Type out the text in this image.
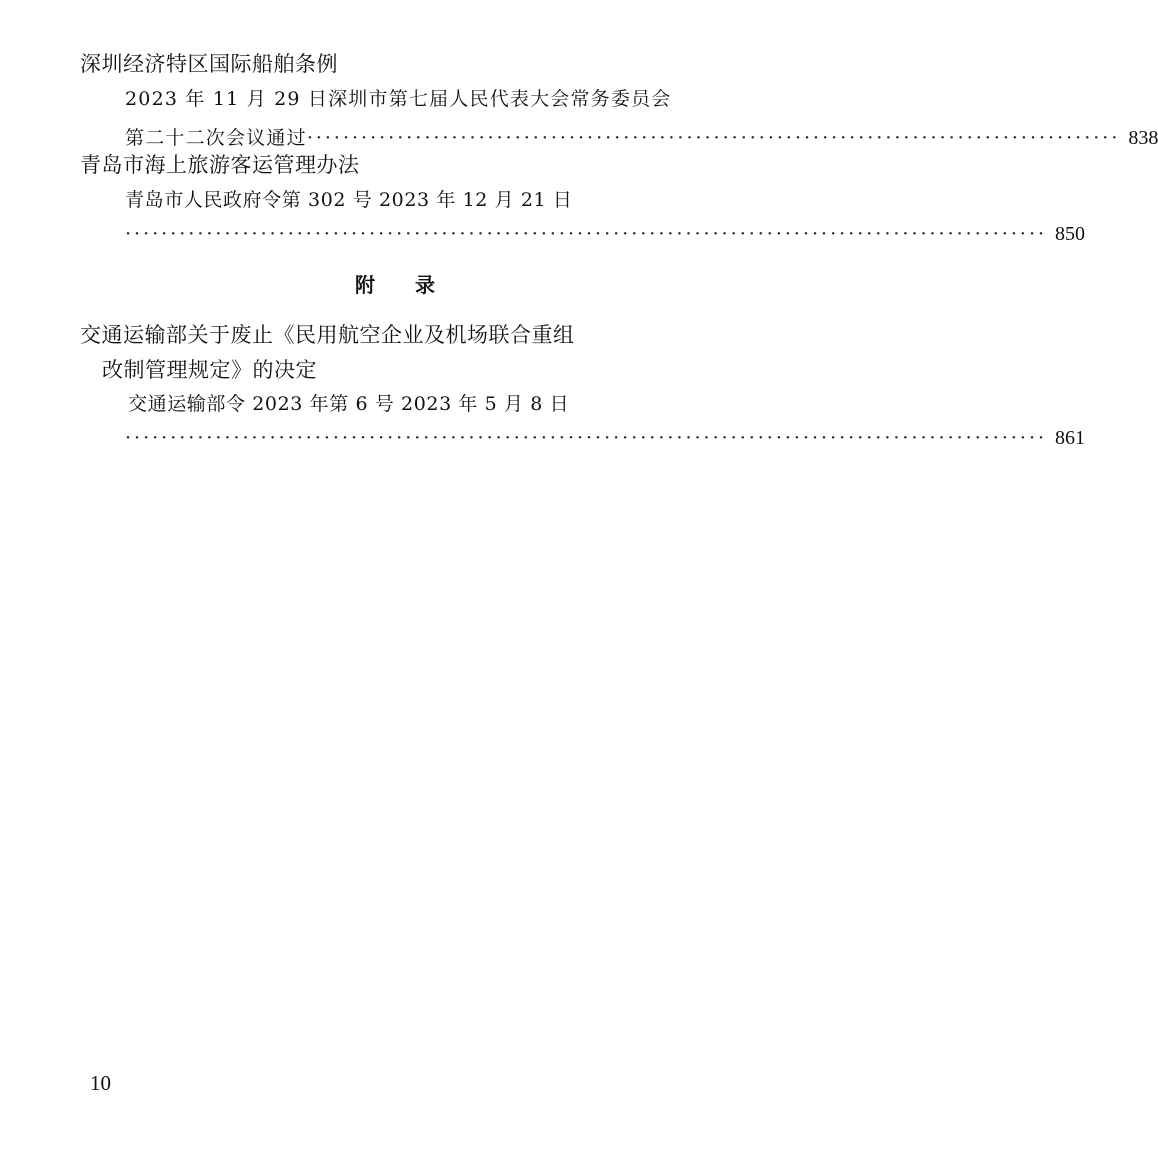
深圳经济特区国际船舶条例
2023 年 11 月 29 日深圳市第七届人民代表大会常务委员会
第二十二次会议通过 ·························································································· 838
青岛市海上旅游客运管理办法
青岛市人民政府令第 302 号 2023 年 12 月 21 日
······································································································ 850
附录
交通运输部关于废止《民用航空企业及机场联合重组
改制管理规定》的决定
交通运输部令 2023 年第 6 号 2023 年 5 月 8 日
······································································································ 861
10
